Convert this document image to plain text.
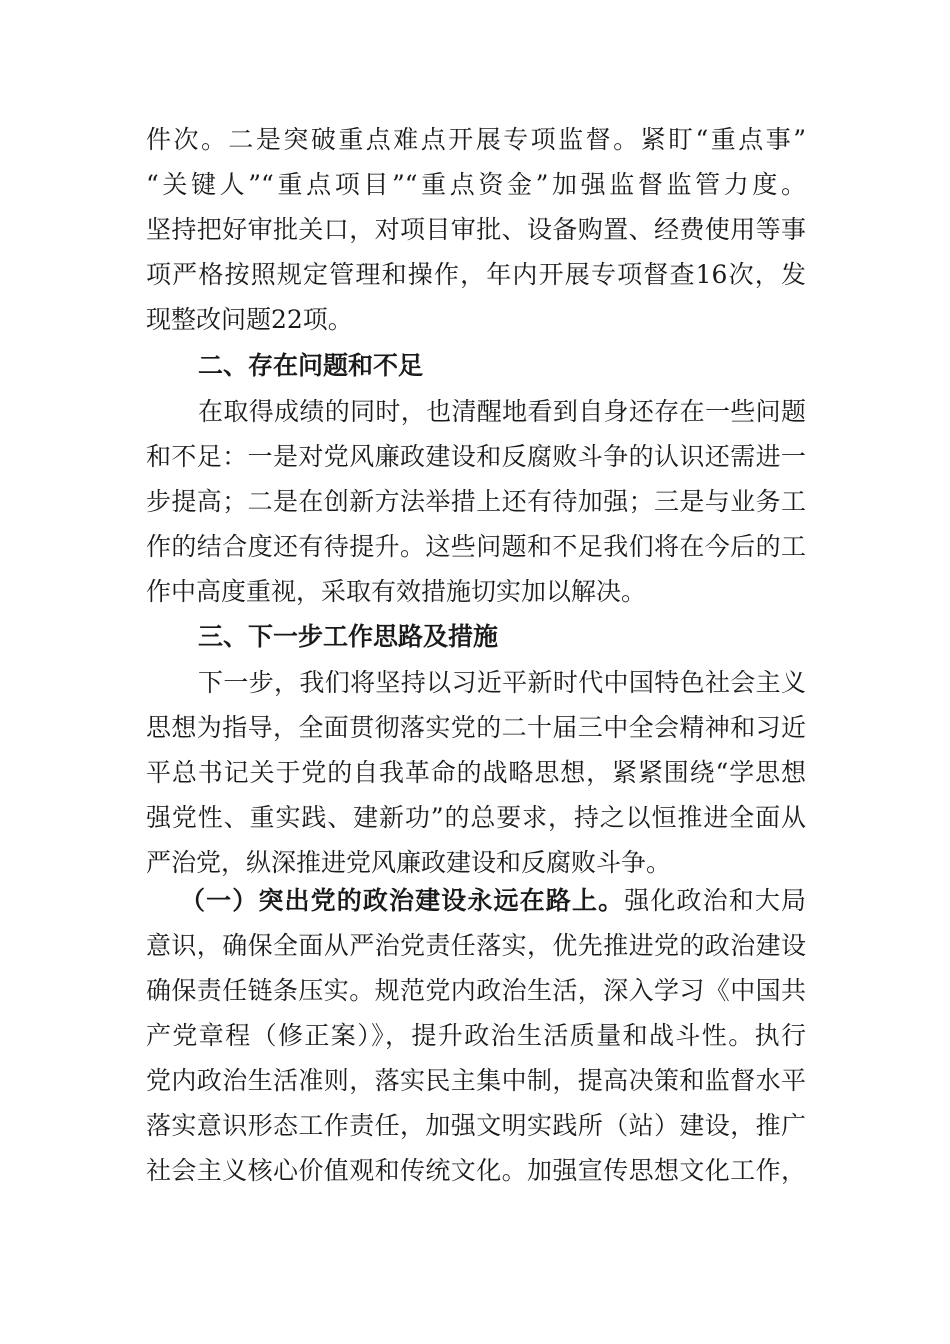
件次。二是突破重点难点开展专项监督。紧盯“重点事”
“关键人”“重点项目”“重点资金”加强监督监管力度。
坚持把好审批关口，对项目审批、设备购置、经费使用等事
项严格按照规定管理和操作，年内开展专项督查16次，发
现整改问题22项。
二、存在问题和不足
在取得成绩的同时，也清醒地看到自身还存在一些问题
和不足：一是对党风廉政建设和反腐败斗争的认识还需进一
步提高；二是在创新方法举措上还有待加强；三是与业务工
作的结合度还有待提升。这些问题和不足我们将在今后的工
作中高度重视，采取有效措施切实加以解决。
三、下一步工作思路及措施
下一步，我们将坚持以习近平新时代中国特色社会主义
思想为指导，全面贯彻落实党的二十届三中全会精神和习近
平总书记关于党的自我革命的战略思想，紧紧围绕“学思想
强党性、重实践、建新功”的总要求，持之以恒推进全面从
严治党，纵深推进党风廉政建设和反腐败斗争。
（一）突出党的政治建设永远在路上。强化政治和大局
意识，确保全面从严治党责任落实，优先推进党的政治建设
确保责任链条压实。规范党内政治生活，深入学习《中国共
产党章程（修正案）》，提升政治生活质量和战斗性。执行
党内政治生活准则，落实民主集中制，提高决策和监督水平
落实意识形态工作责任，加强文明实践所（站）建设，推广
社会主义核心价值观和传统文化。加强宣传思想文化工作，
